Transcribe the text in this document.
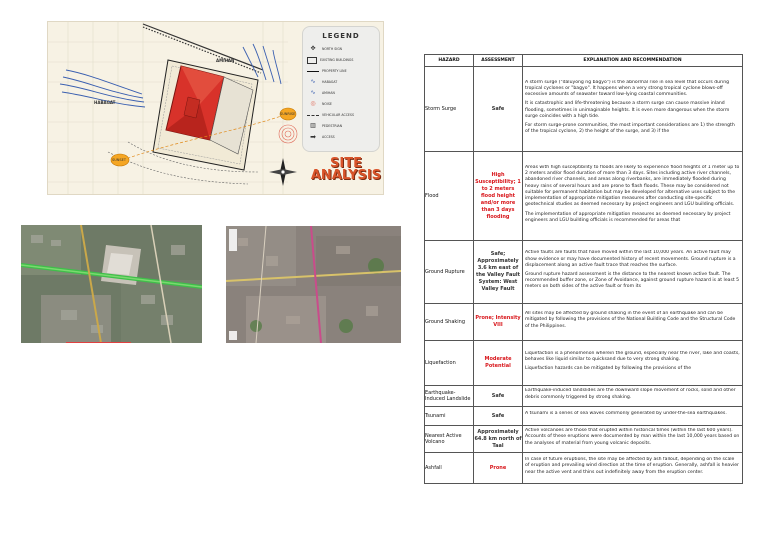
HABAGAT
AMIHAN
SUNSET
SUNRISE
LEGEND
✥ NORTH SIGN
EXISTING BUILDINGS
PROPERTY LINE
∿ HABAGAT
∿ AMIHAN
◎ NOISE
VEHICULAR ACCESS
▥ PEDESTRIAN
➡ ACCESS
SITE
ANALYSIS
HAZARD	ASSESSMENT	EXPLANATION AND RECOMMENDATION
Storm Surge	Safe	A storm surge ("daluyong ng bagyo") is the abnormal rise in sea level that occurs during tropical cyclones or "bagyo". It happens when a very strong tropical cyclone blows-off excessive amounts of seawater toward low-lying coastal communities.

It is catastrophic and life-threatening because a storm surge can cause massive inland flooding, sometimes in unimaginable heights. It is even more dangerous when the storm surge coincides with a high tide.

For storm surge-prone communities, the most important considerations are 1) the strength of the tropical cyclone, 2) the height of the surge, and 3) if the

Flood	High Susceptibility; 1 to 2 meters flood height and/or more than 3 days flooding	Areas with high susceptibility to floods are likely to experience flood heights of 1 meter up to 2 meters and/or flood duration of more than 3 days. Sites including active river channels, abandoned river channels, and areas along riverbanks, are immediately flooded during heavy rains of several hours and are prone to flash floods. These may be considered not suitable for permanent habitation but may be developed for alternative uses subject to the implementation of appropriate mitigation measures after conducting site-specific geotechnical studies as deemed necessary by project engineers and LGU building officials.

The implementation of appropriate mitigation measures as deemed necessary by project engineers and LGU building officials is recommended for areas that

Ground Rupture	Safe; Approximately 3.6 km east of the Valley Fault System: West Valley Fault	Active faults are faults that have moved within the last 10,000 years. An active fault may show evidence or may have documented history of recent movements. Ground rupture is a displacement along an active fault trace that reaches the surface.

Ground rupture hazard assessment is the distance to the nearest known active fault. The recommended buffer zone, or Zone of Avoidance, against ground rupture hazard is at least 5 meters on both sides of the active fault or from its

Ground Shaking	Prone; Intensity VIII	All sites may be affected by ground shaking in the event of an earthquake and can be mitigated by following the provisions of the National Building Code and the Structural Code of the Philippines.

Liquefaction	Moderate Potential	Liquefaction is a phenomenon wherein the ground, especially near the river, lake and coasts, behaves like liquid similar to quicksand due to very strong shaking.

Liquefaction hazards can be mitigated by following the provisions of the

Earthquake-Induced Landslide	Safe	Earthquake-induced landslides are the downward slope movement of rocks, solid and other debris commonly triggered by strong shaking.

Tsunami	Safe	A tsunami is a series of sea waves commonly generated by under-the-sea earthquakes.

Nearest Active Volcano	Approximately 64.8 km north of Taal	Active volcanoes are those that erupted within historical times (within the last 600 years). Accounts of these eruptions were documented by man within the last 10,000 years based on the analyses of material from young volcanic deposits.

Ashfall	Prone	In case of future eruptions, the site may be affected by ash fallout, depending on the scale of eruption and prevailing wind direction at the time of eruption. Generally, ashfall is heavier near the active vent and thins out indefinitely away from the eruption center.
